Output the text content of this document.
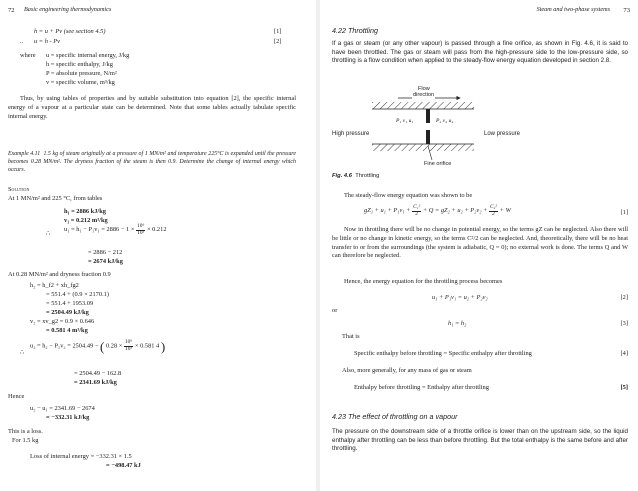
72 Basic engineering thermodynamics
h = u + Pv (see section 4.5)	[1]
.. u = h - Pv	[2]
where u = specific internal energy, J/kg
h = specific enthalpy, J/kg
P = absolute pressure, N/m²
v = specific volume, m³/kg
Thus, by using tables of properties and by suitable substitution into equation [2], the specific internal energy of a vapour at a particular state can be determined. Note that some tables actually tabulate specific internal energy.
Example 4.11 1.5 kg of steam originally at a pressure of 1 MN/m² and temperature 225°C is expanded until the pressure becomes 0.28 MN/m². The dryness fraction of the steam is then 0.9. Determine the change of internal energy which occurs.
Solution
At 1 MN/m² and 225 °C, from tables
h₁ = 2886 kJ/kg
v₁ = 0.212 m³/kg
∴
$u_1 = h_1 - P_1v_1 = 2886 - 1 \times \frac{\text{10⁶}}{\text{10³}} \times 0.212$
= 2886 − 212
= 2674 kJ/kg
At 0.28 MN/m² and dryness fraction 0.9
h₂ = h_f2 + xh_fg2
= 551.4 + (0.9 × 2170.1)
= 551.4 + 1953.09
= 2504.49 kJ/kg
v₂ = xv_g2 = 0.9 × 0.646
= 0.581 4 m³/kg
∴
u₂ = h₂ − P₂v₂ = 2504.49 − ( $0.28 \times \frac{\text{10⁶}}{\text{10³}} \times 0.581$ 4 )
= 2504.49 − 162.8
= 2341.69 kJ/kg
Hence
u₂ − u₁ = 2341.69 − 2674
= −332.31 kJ/kg
This is a loss.
For 1.5 kg
Loss of internal energy = −332.31 × 1.5
= −498.47 kJ
Steam and two-phase systems 73
4.22 Throttling
If a gas or steam (or any other vapour) is passed through a fine orifice, as shown in Fig. 4.6, it is said to have been throttled. The gas or steam will pass from the high-pressure side to the low-pressure side, so throttling is a flow condition when applied to the steady-flow energy equation developed in section 2.8.
Flow
direction
P₁ v₁ u₁	P₂ v₂ u₂
High pressure	Low pressure
Fine orifice
Fig. 4.6 Throttling
The steady-flow energy equation was shown to be
$gZ_1 + u_1 + P_1v_1 + \frac{\text{C₁²}}{2} + Q = gZ_2 + u_2 + P_2v_2 + \frac{\text{C₂²}}{2} + W$	[1]
Now in throttling there will be no change in potential energy, so the terms gZ can be neglected. Also there will be little or no change in kinetic energy, so the terms C²/2 can be neglected. And, theoretically, there will be no heat transfer to or from the surroundings (the system is adiabatic, Q = 0); no external work is done. The terms Q and W can therefore be neglected.
Hence, the energy equation for the throttling process becomes
u₁ + P₁v₁ = u₂ + P₂v₂	[2]
or
h₁ = h₂	[3]
That is
Specific enthalpy before throttling = Specific enthalpy after throttling	[4]
Also, more generally, for any mass of gas or steam
Enthalpy before throttling = Enthalpy after throttling	[5]
4.23 The effect of throttling on a vapour
The pressure on the downstream side of a throttle orifice is lower than on the upstream side, so the liquid enthalpy after throttling can be less than before throttling. But the total enthalpy is the same before and after throttling.
